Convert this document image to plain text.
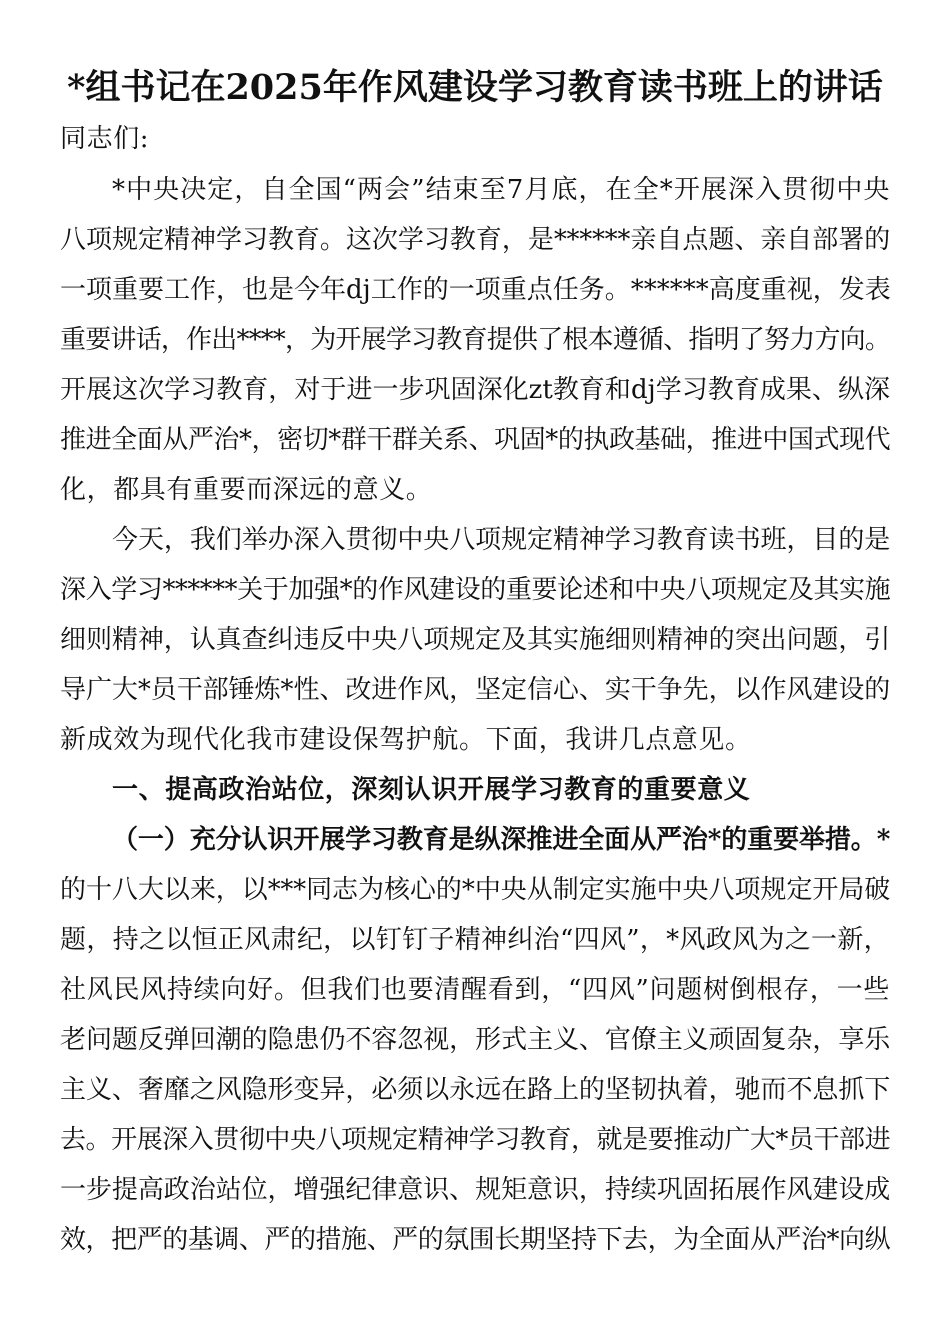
*组书记在2025年作风建设学习教育读书班上的讲话
同志们:
*中央决定，自全国“两会”结束至7月底，在全*开展深入贯彻中央
八项规定精神学习教育。这次学习教育，是******亲自点题、亲自部署的
一项重要工作，也是今年dj工作的一项重点任务。******高度重视，发表
重要讲话，作出****，为开展学习教育提供了根本遵循、指明了努力方向。
开展这次学习教育，对于进一步巩固深化zt教育和dj学习教育成果、纵深
推进全面从严治*，密切*群干群关系、巩固*的执政基础，推进中国式现代
化，都具有重要而深远的意义。
今天，我们举办深入贯彻中央八项规定精神学习教育读书班，目的是
深入学习******关于加强*的作风建设的重要论述和中央八项规定及其实施
细则精神，认真查纠违反中央八项规定及其实施细则精神的突出问题，引
导广大*员干部锤炼*性、改进作风，坚定信心、实干争先，以作风建设的
新成效为现代化我市建设保驾护航。下面，我讲几点意见。
一、提高政治站位，深刻认识开展学习教育的重要意义
（一）充分认识开展学习教育是纵深推进全面从严治*的重要举措。*
的十八大以来，以***同志为核心的*中央从制定实施中央八项规定开局破
题，持之以恒正风肃纪，以钉钉子精神纠治“四风”，*风政风为之一新，
社风民风持续向好。但我们也要清醒看到，“四风”问题树倒根存，一些
老问题反弹回潮的隐患仍不容忽视，形式主义、官僚主义顽固复杂，享乐
主义、奢靡之风隐形变异，必须以永远在路上的坚韧执着，驰而不息抓下
去。开展深入贯彻中央八项规定精神学习教育，就是要推动广大*员干部进
一步提高政治站位，增强纪律意识、规矩意识，持续巩固拓展作风建设成
效，把严的基调、严的措施、严的氛围长期坚持下去，为全面从严治*向纵
